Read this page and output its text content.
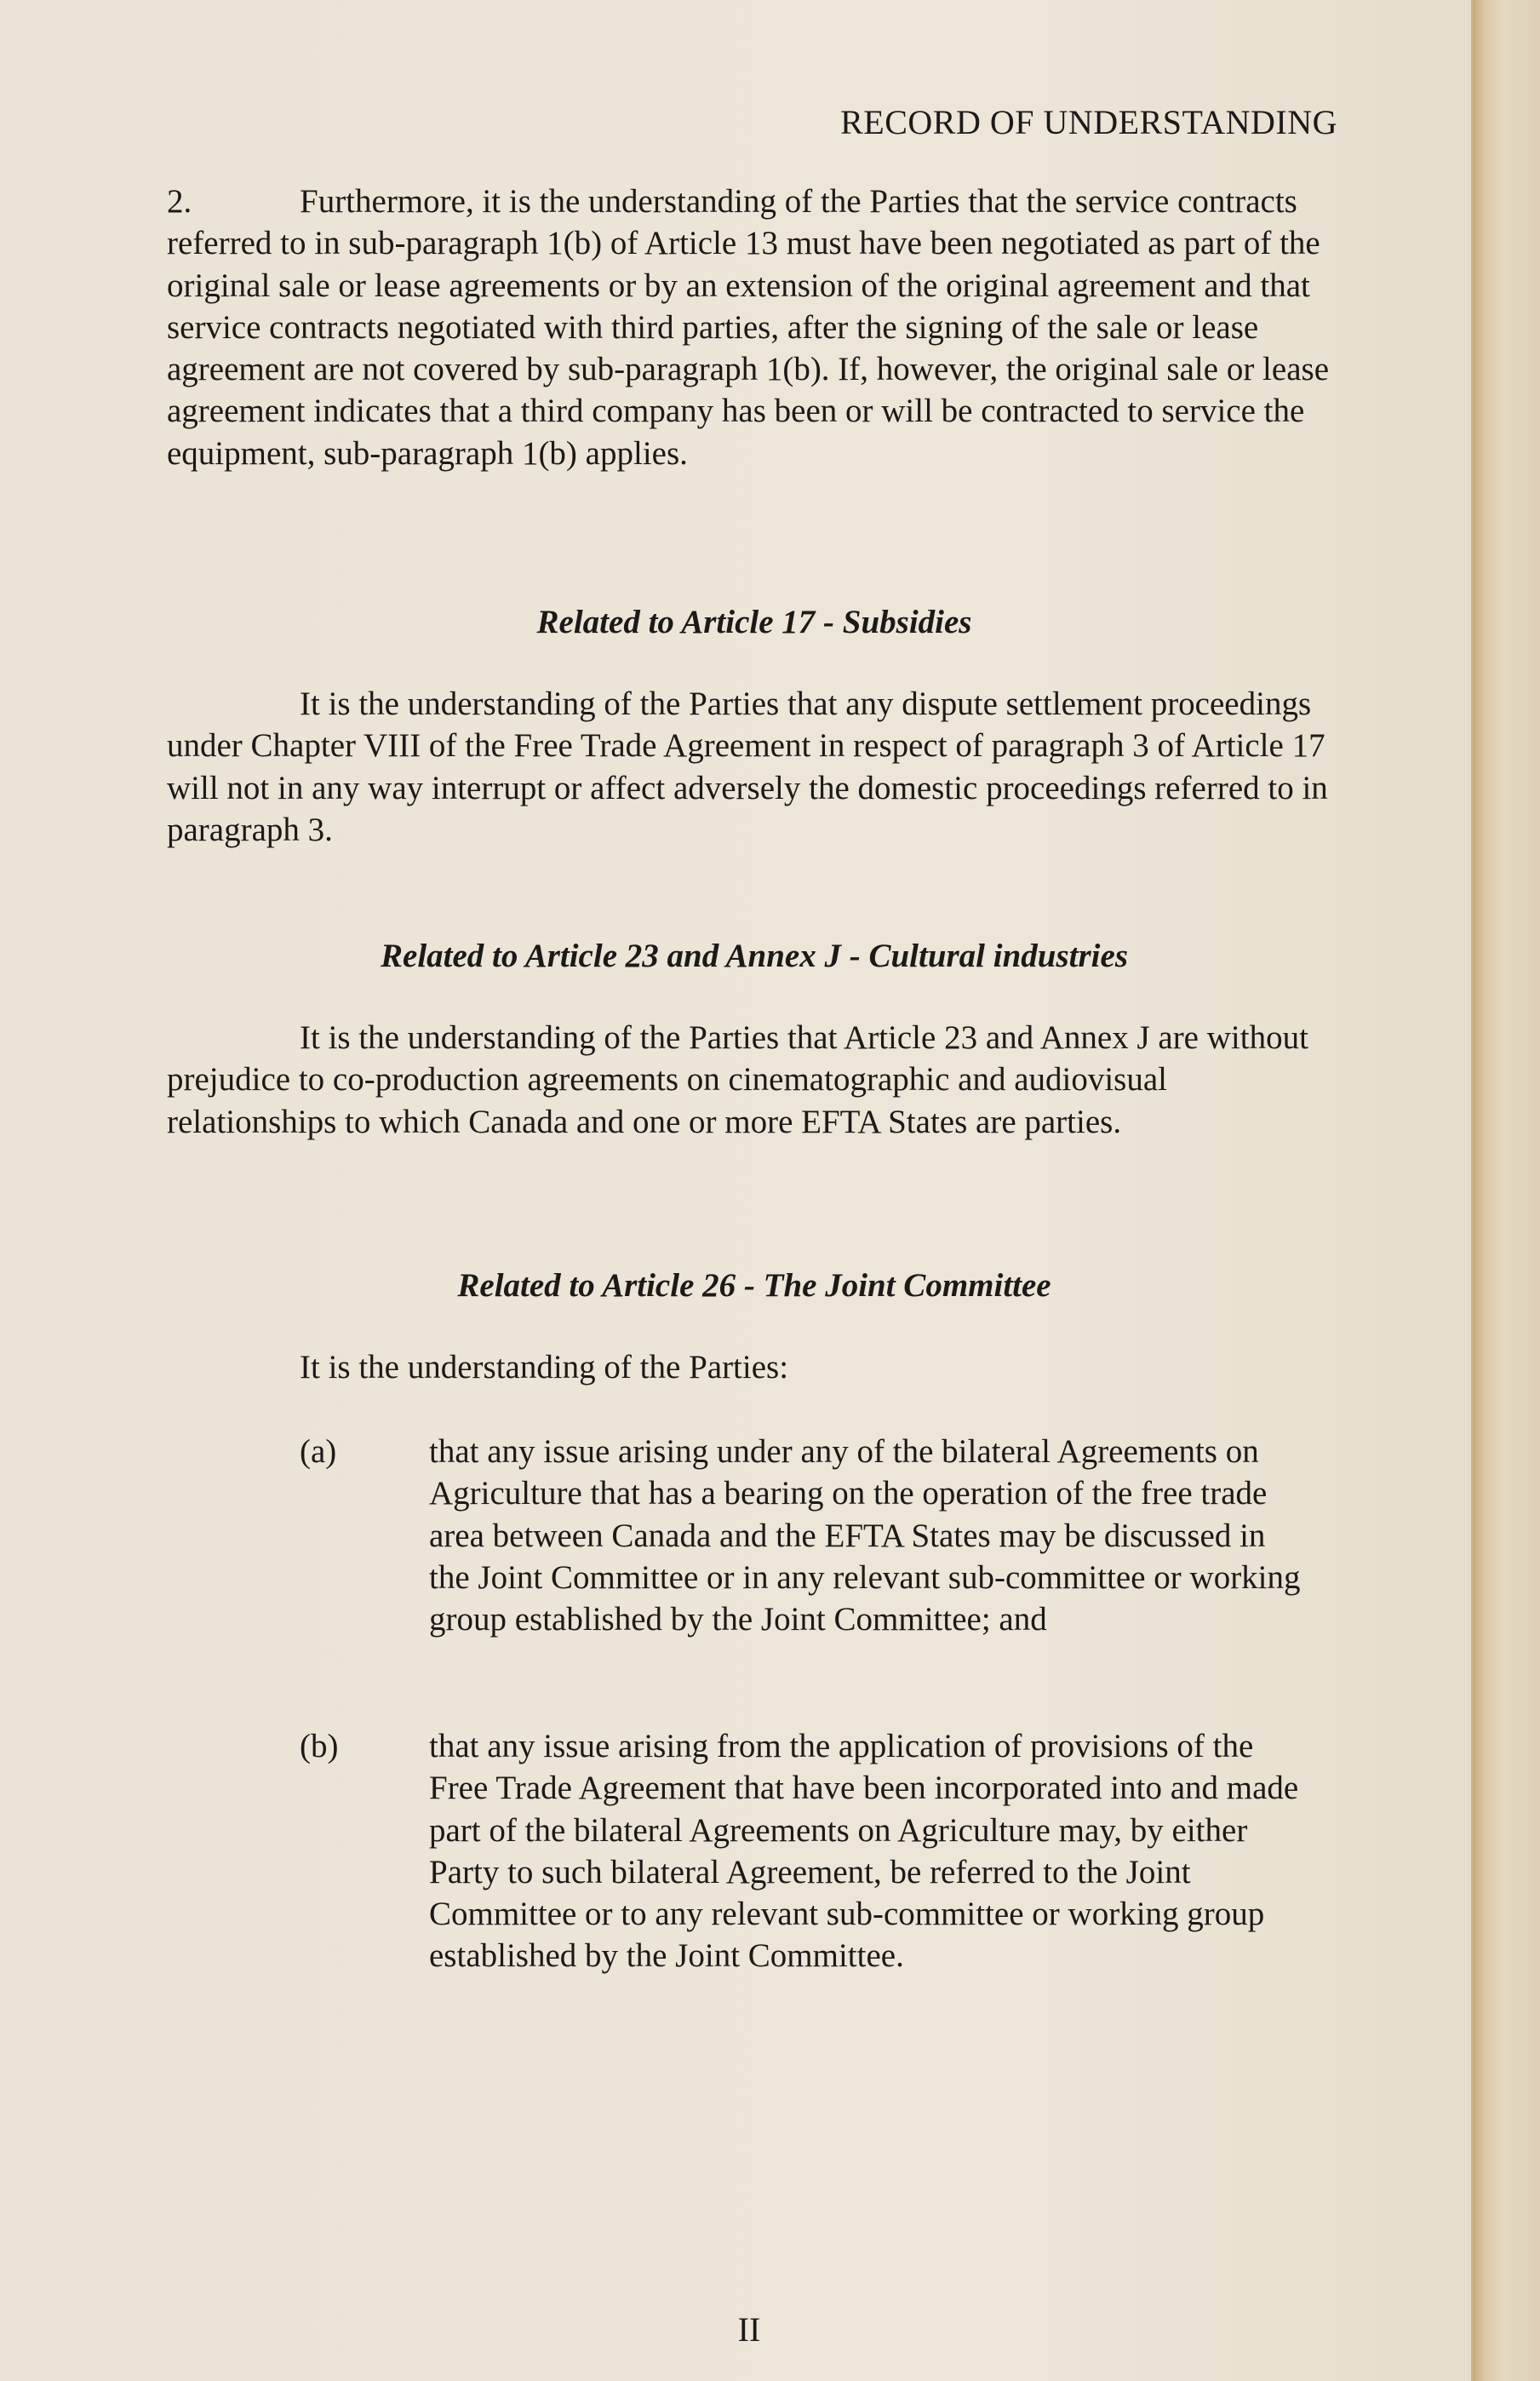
RECORD OF UNDERSTANDING

2.	Furthermore, it is the understanding of the Parties that the service contracts referred to in sub-paragraph 1(b) of Article 13 must have been negotiated as part of the original sale or lease agreements or by an extension of the original agreement and that service contracts negotiated with third parties, after the signing of the sale or lease agreement are not covered by sub-paragraph 1(b). If, however, the original sale or lease agreement indicates that a third company has been or will be contracted to service the equipment, sub-paragraph 1(b) applies.

Related to Article 17 - Subsidies

It is the understanding of the Parties that any dispute settlement proceedings under Chapter VIII of the Free Trade Agreement in respect of paragraph 3 of Article 17 will not in any way interrupt or affect adversely the domestic proceedings referred to in paragraph 3.

Related to Article 23 and Annex J - Cultural industries

It is the understanding of the Parties that Article 23 and Annex J are without prejudice to co-production agreements on cinematographic and audiovisual relationships to which Canada and one or more EFTA States are parties.

Related to Article 26 - The Joint Committee

It is the understanding of the Parties:

(a)	that any issue arising under any of the bilateral Agreements on Agriculture that has a bearing on the operation of the free trade area between Canada and the EFTA States may be discussed in the Joint Committee or in any relevant sub-committee or working group established by the Joint Committee; and

(b)	that any issue arising from the application of provisions of the Free Trade Agreement that have been incorporated into and made part of the bilateral Agreements on Agriculture may, by either Party to such bilateral Agreement, be referred to the Joint Committee or to any relevant sub-committee or working group established by the Joint Committee.

II
